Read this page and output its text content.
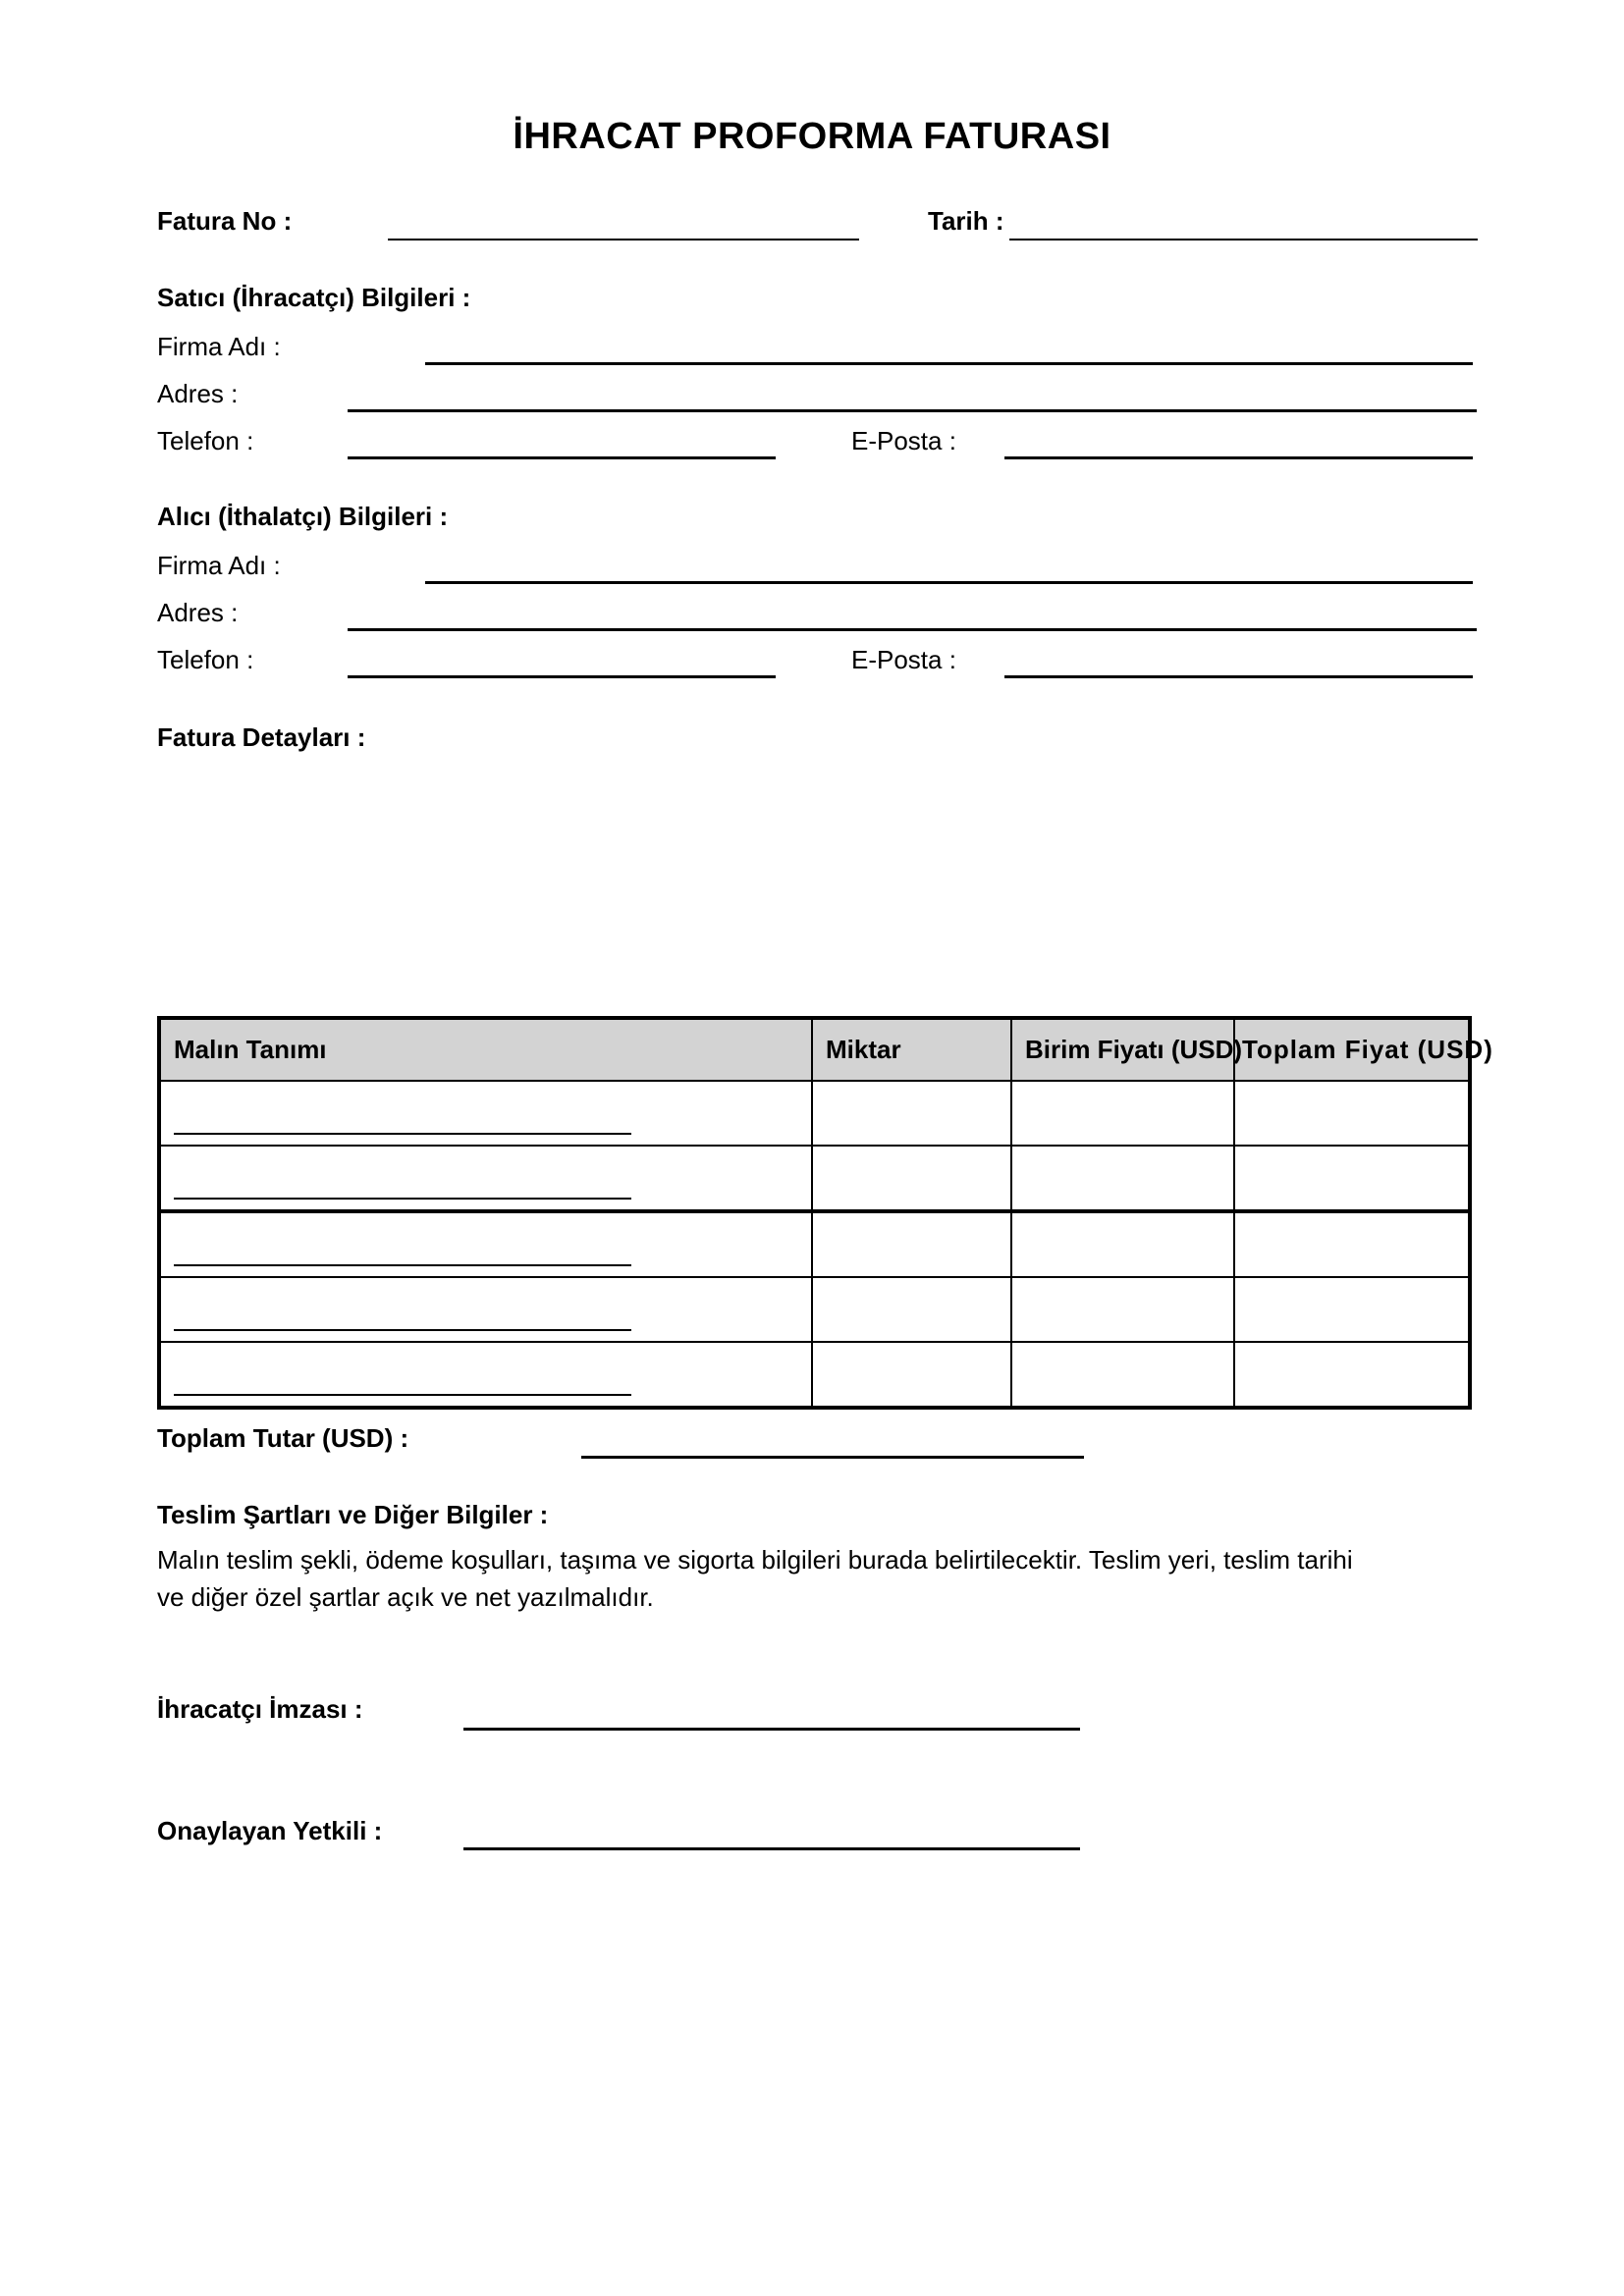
İHRACAT PROFORMA FATURASI
Fatura No :	Tarih :
Satıcı (İhracatçı) Bilgileri :
Firma Adı :
Adres :
Telefon :	E-Posta :
Alıcı (İthalatçı) Bilgileri :
Firma Adı :
Adres :
Telefon :	E-Posta :
Fatura Detayları :
Malın Tanımı	Miktar	Birim Fiyatı (USD)	Toplam Fiyat (USD)

Toplam Tutar (USD) :
Teslim Şartları ve Diğer Bilgiler :
Malın teslim şekli, ödeme koşulları, taşıma ve sigorta bilgileri burada belirtilecektir. Teslim yeri, teslim tarihi
ve diğer özel şartlar açık ve net yazılmalıdır.
İhracatçı İmzası :
Onaylayan Yetkili :
